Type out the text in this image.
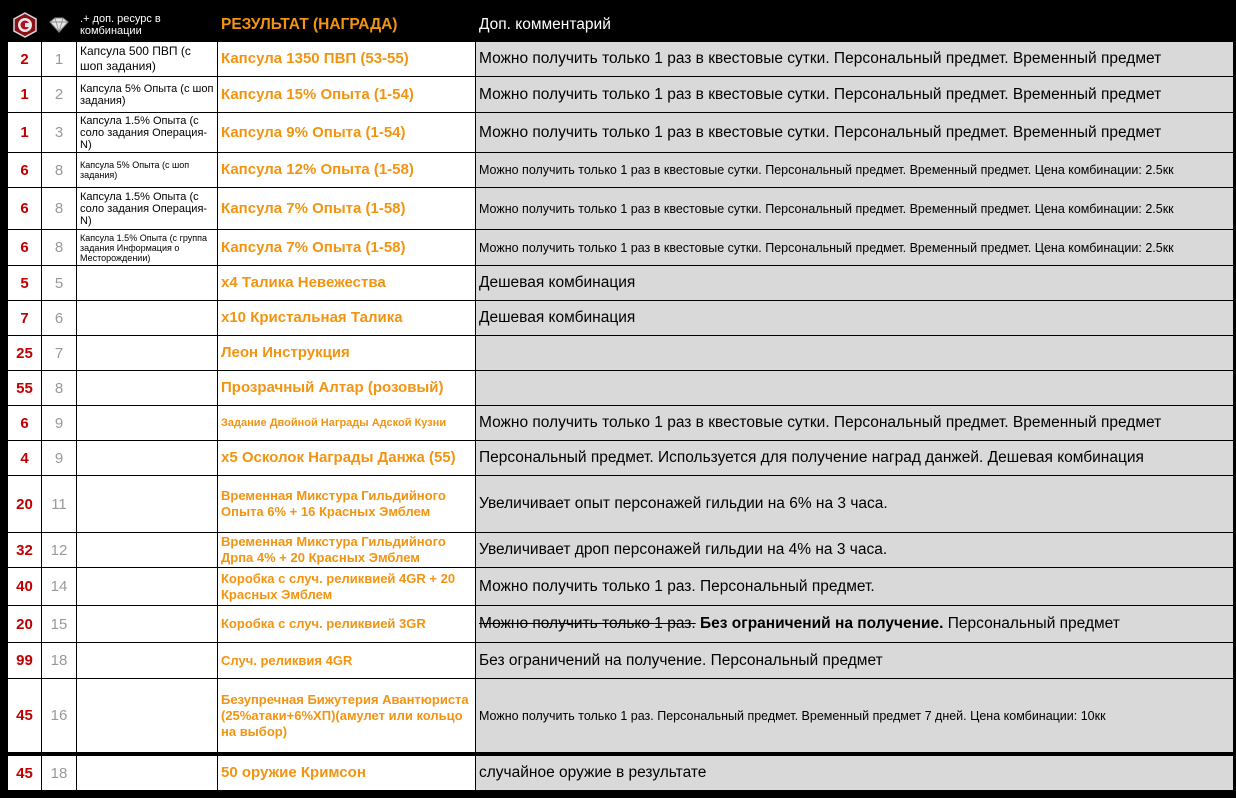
	.+ доп. ресурс в комбинации	РЕЗУЛЬТАТ (НАГРАДА)	Доп. комментарий
2	1	Капсула 500 ПВП (с шоп задания)	Капсула 1350 ПВП (53-55)	Можно получить только 1 раз в квестовые сутки. Персональный предмет. Временный предмет
1	2	Капсула 5% Опыта (с шоп задания)	Капсула 15% Опыта (1-54)	Можно получить только 1 раз в квестовые сутки. Персональный предмет. Временный предмет
1	3	Капсула 1.5% Опыта (с соло задания Операция-N)	Капсула 9% Опыта (1-54)	Можно получить только 1 раз в квестовые сутки. Персональный предмет. Временный предмет
6	8	Капсула 5% Опыта (с шоп задания)	Капсула 12% Опыта (1-58)	Можно получить только 1 раз в квестовые сутки. Персональный предмет. Временный предмет. Цена комбинации: 2.5кк
6	8	Капсула 1.5% Опыта (с соло задания Операция-N)	Капсула 7% Опыта (1-58)	Можно получить только 1 раз в квестовые сутки. Персональный предмет. Временный предмет. Цена комбинации: 2.5кк
6	8	Капсула 1.5% Опыта (с группа задания Информация о Месторождении)	Капсула 7% Опыта (1-58)	Можно получить только 1 раз в квестовые сутки. Персональный предмет. Временный предмет. Цена комбинации: 2.5кк
5	5		x4 Талика Невежества	Дешевая комбинация
7	6		x10 Кристальная Талика	Дешевая комбинация
25	7		Леон Инструкция	
55	8		Прозрачный Алтар (розовый)	
6	9		Задание Двойной Награды Адской Кузни	Можно получить только 1 раз в квестовые сутки. Персональный предмет. Временный предмет
4	9		x5 Осколок Награды Данжа (55)	Персональный предмет. Используется для получение наград данжей. Дешевая комбинация
20	11		Временная Микстура Гильдийного Опыта 6% + 16 Красных Эмблем	Увеличивает опыт персонажей гильдии на 6% на 3 часа.
32	12		Временная Микстура Гильдийного Дрпа 4% + 20 Красных Эмблем	Увеличивает дроп персонажей гильдии на 4% на 3 часа.
40	14		Коробка с случ. реликвией 4GR + 20 Красных Эмблем	Можно получить только 1 раз. Персональный предмет.
20	15		Коробка с случ. реликвией 3GR	Можно получить только 1 раз. Без ограничений на получение. Персональный предмет
99	18		Случ. реликвия 4GR	Без ограничений на получение. Персональный предмет
45	16		Безупречная Бижутерия Авантюриста (25%атаки+6%ХП)(амулет или кольцо на выбор)	Можно получить только 1 раз. Персональный предмет. Временный предмет 7 дней. Цена комбинации: 10кк

45	18		50 оружие Кримсон	случайное оружие в результате
